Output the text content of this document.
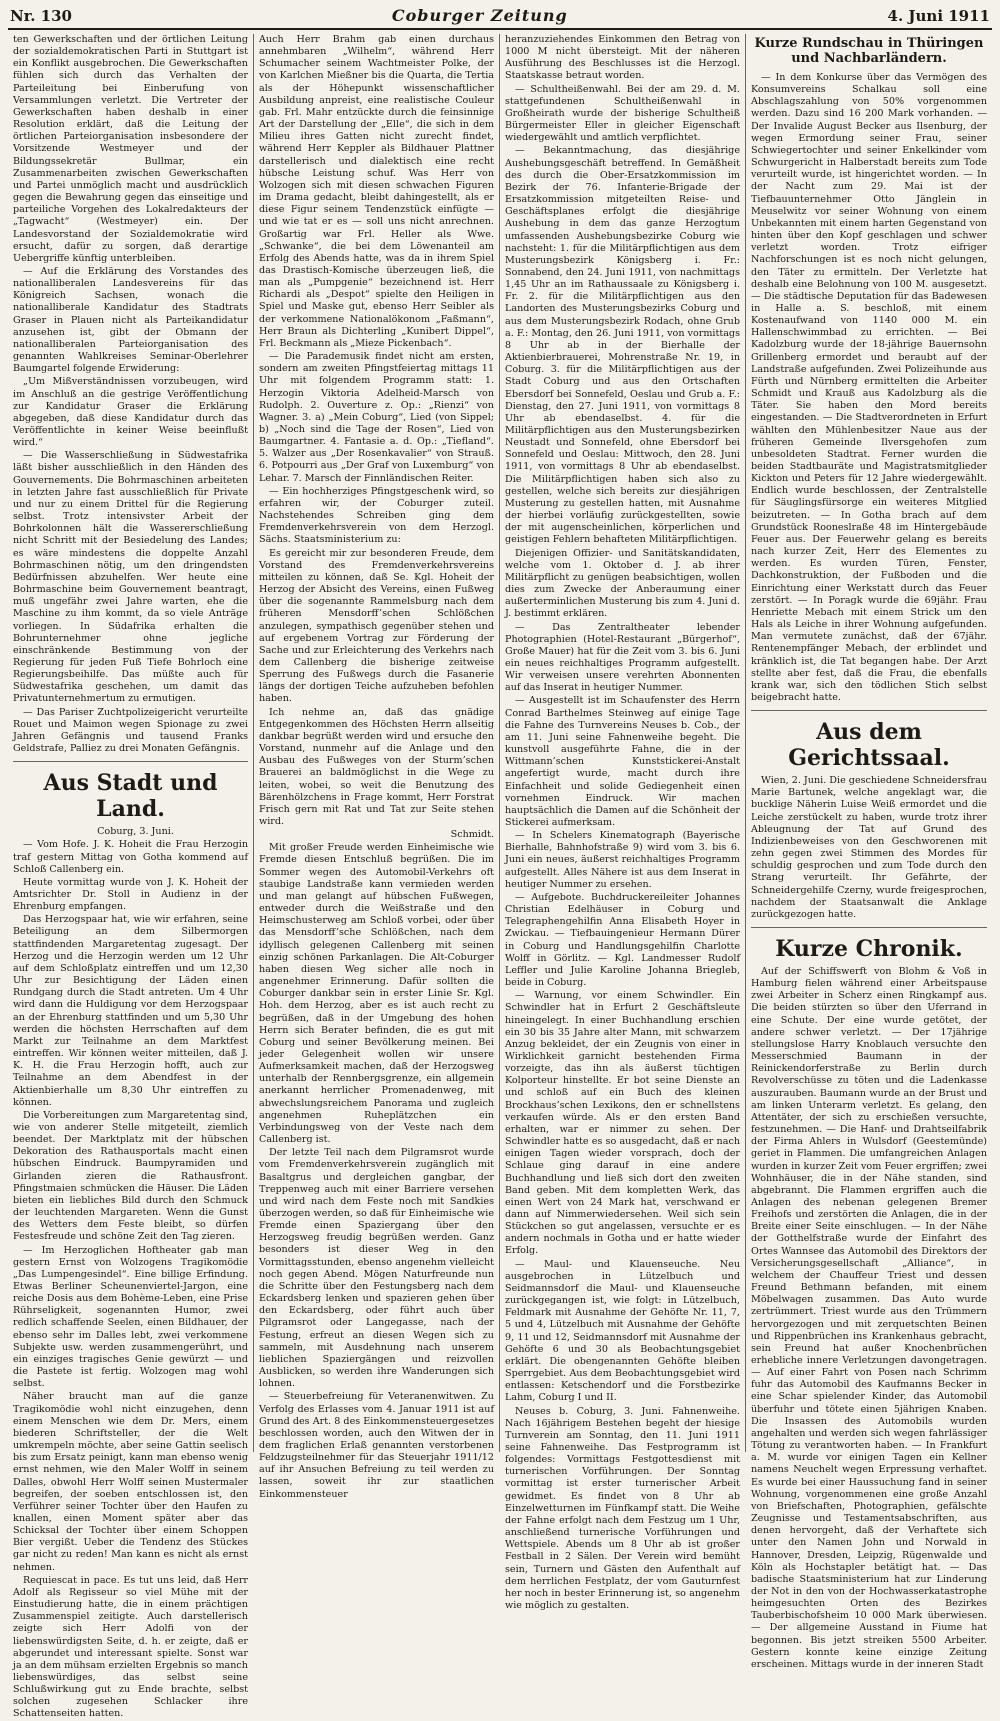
Nr. 130	Coburger Zeitung	4. Juni 1911

ten Gewerkschaften und der örtlichen Leitung der sozialdemokratischen Parti in Stuttgart ist ein Konflikt ausgebrochen. Die Gewerkschaften fühlen sich durch das Verhalten der Parteileitung bei Einberufung von Versammlungen verletzt. Die Vertreter der Gewerkschaften haben deshalb in einer Resolution erklärt, daß die Leitung der örtlichen Parteiorganisation insbesondere der Vorsitzende Westmeyer und der Bildungssekretär Bullmar, ein Zusammenarbeiten zwischen Gewerkschaften und Partei unmöglich macht und ausdrücklich gegen die Bewahrung gegen das einseitige und parteiliche Vorgehen des Lokalredakteurs der „Tagwacht“ (Westmeyer) ein. Der Landesvorstand der Sozialdemokratie wird ersucht, dafür zu sorgen, daß derartige Uebergriffe künftig unterbleiben.

— Auf die Erklärung des Vorstandes des nationalliberalen Landesvereins für das Königreich Sachsen, wonach die nationalliberale Kandidatur des Stadtrats Graser in Plauen nicht als Parteikandidatur anzusehen ist, gibt der Obmann der nationalliberalen Parteiorganisation des genannten Wahlkreises Seminar-Oberlehrer Baumgartel folgende Erwiderung:

„Um Mißverständnissen vorzubeugen, wird im Anschluß an die gestrige Veröffentlichung zur Kandidatur Graser die Erklärung abgegeben, daß diese Kandidatur durch das Veröffentlichte in keiner Weise beeinflußt wird.“

— Die Wasserschließung in Südwestafrika läßt bisher ausschließlich in den Händen des Gouvernements. Die Bohrmaschinen arbeiteten in letzten Jahre fast ausschließlich für Private und nur zu einem Drittel für die Regierung selbst. Trotz intensivster Arbeit der Bohrkolonnen hält die Wassererschließung nicht Schritt mit der Besiedelung des Landes; es wäre mindestens die doppelte Anzahl Bohrmaschinen nötig, um den dringendsten Bedürfnissen abzuhelfen. Wer heute eine Bohrmaschine beim Gouvernement beantragt, muß ungefähr zwei Jahre warten, ehe die Maschine zu ihm kommt, da so viele Anträge vorliegen. In Südafrika erhalten die Bohrunternehmer ohne jegliche einschränkende Bestimmung von der Regierung für jeden Fuß Tiefe Bohrloch eine Regierungsbeihilfe. Das müßte auch für Südwestafrika geschehen, um damit das Privatunternehmertum zu ermutigen.

— Das Pariser Zuchtpolizeigericht verurteilte Rouet und Maimon wegen Spionage zu zwei Jahren Gefängnis und tausend Franks Geldstrafe, Palliez zu drei Monaten Gefängnis.

Aus Stadt und Land.

Coburg, 3. Juni.

— Vom Hofe. J. K. Hoheit die Frau Herzogin traf gestern Mittag von Gotha kommend auf Schloß Callenberg ein.

Heute vormittag wurde von J. K. Hoheit der Amtsrichter Dr. Stoll in Audienz in der Ehrenburg empfangen.

Das Herzogspaar hat, wie wir erfahren, seine Beteiligung an dem Silbermorgen stattfindenden Margaretentag zugesagt. Der Herzog und die Herzogin werden um 12 Uhr auf dem Schloßplatz eintreffen und um 12,30 Uhr zur Besichtigung der Läden einen Rundgang durch die Stadt antreten. Um 4 Uhr wird dann die Huldigung vor dem Herzogspaar an der Ehrenburg stattfinden und um 5,30 Uhr werden die höchsten Herrschaften auf dem Markt zur Teilnahme an dem Marktfest eintreffen. Wir können weiter mitteilen, daß J. K. H. die Frau Herzogin hofft, auch zur Teilnahme an dem Abendfest in der Aktienbierhalle um 8,30 Uhr eintreffen zu können.

Die Vorbereitungen zum Margaretentag sind, wie von anderer Stelle mitgeteilt, ziemlich beendet. Der Marktplatz mit der hübschen Dekoration des Rathausportals macht einen hübschen Eindruck. Baumpyramiden und Girlanden zieren die Rathausfront. Pfingstmaien schmücken die Häuser. Die Läden bieten ein liebliches Bild durch den Schmuck der leuchtenden Margareten. Wenn die Gunst des Wetters dem Feste bleibt, so dürfen Festesfreude und schöne Zeit den Tag zieren.

— Im Herzoglichen Hoftheater gab man gestern Ernst von Wolzogens Tragikomödie „Das Lumpengesindel“. Eine billige Erfindung. Etwas Berliner Scheunenviertel-Jargon, eine reiche Dosis aus dem Bohème-Leben, eine Prise Rührseligkeit, sogenannten Humor, zwei redlich schaffende Seelen, einen Bildhauer, der ebenso sehr im Dalles lebt, zwei verkommene Subjekte usw. werden zusammengerührt, und ein einziges tragisches Genie gewürzt — und die Pastete ist fertig. Wolzogen mag wohl selbst.

Näher braucht man auf die ganze Tragikomödie wohl nicht einzugehen, denn einem Menschen wie dem Dr. Mers, einem biederen Schriftsteller, der die Welt umkrempeln möchte, aber seine Gattin seelisch bis zum Ersatz peinigt, kann man ebenso wenig ernst nehmen, wie den Maler Wolff in seinem Dalles, obwohl Herr Wolff seinen Mustermaler begreifen, der soeben entschlossen ist, den Verführer seiner Tochter über den Haufen zu knallen, einen Moment später aber das Schicksal der Tochter über einem Schoppen Bier vergißt. Ueber die Tendenz des Stückes gar nicht zu reden! Man kann es nicht als ernst nehmen.

Requiescat in pace. Es tut uns leid, daß Herr Adolf als Regisseur so viel Mühe mit der Einstudierung hatte, die in einem prächtigen Zusammenspiel zeitigte. Auch darstellerisch zeigte sich Herr Adolfi von der liebenswürdigsten Seite, d. h. er zeigte, daß er abgerundet und interessant spielte. Sonst war ja an dem mühsam erzielten Ergebnis so manch liebenswürdiges, das selbst seine Schlußwirkung gut zu Ende brachte, selbst solchen zugesehen Schlacker ihre Schattenseiten hatten.

Auch Herr Brahm gab einen durchaus annehmbaren „Wilhelm“, während Herr Schumacher seinem Wachtmeister Polke, der von Karlchen Mießner bis die Quarta, die Tertia als der Höhepunkt wissenschaftlicher Ausbildung anpreist, eine realistische Couleur gab. Frl. Mahr entzückte durch die feinsinnige Art der Darstellung der „Elle“, die sich in dem Milieu ihres Gatten nicht zurecht findet, während Herr Keppler als Bildhauer Plattner darstellerisch und dialektisch eine recht hübsche Leistung schuf. Was Herr von Wolzogen sich mit diesen schwachen Figuren im Drama gedacht, bleibt dahingestellt, als er diese Figur seinem Tendenzstück einfügte — und wie tat er es — soll uns nicht anrechnen. Großartig war Frl. Heller als Wwe. „Schwanke“, die bei dem Löwenanteil am Erfolg des Abends hatte, was da in ihrem Spiel das Drastisch-Komische überzeugen ließ, die man als „Pumpgenie“ bezeichnend ist. Herr Richardi als „Despot“ spielte den Heiligen in Spiel und Maske gut, ebenso Herr Seibler als der verkommene Nationalökonom „Faßmann“, Herr Braun als Dichterling „Kunibert Dippel“, Frl. Beckmann als „Mieze Pickenbach“.

— Die Parademusik findet nicht am ersten, sondern am zweiten Pfingstfeiertag mittags 11 Uhr mit folgendem Programm statt: 1. Herzogin Viktoria Adelheid-Marsch von Rudolph. 2. Ouverture z. Op.: „Rienzi“ von Wagner. 3. a) „Mein Coburg“, Lied (von Sippel; b) „Noch sind die Tage der Rosen“, Lied von Baumgartner. 4. Fantasie a. d. Op.: „Tiefland“. 5. Walzer aus „Der Rosenkavalier“ von Strauß. 6. Potpourri aus „Der Graf von Luxemburg“ von Lehar. 7. Marsch der Finnländischen Reiter.

— Ein hochherziges Pfingstgeschenk wird, so erfahren wir, der Coburger zuteil. Nachstehendes Schreiben ging dem Fremdenverkehrsverein von dem Herzogl. Sächs. Staatsministerium zu:

Es gereicht mir zur besonderen Freude, dem Vorstand des Fremdenverkehrsvereins mitteilen zu können, daß Se. Kgl. Hoheit der Herzog der Absicht des Vereins, einen Fußweg über die sogenannte Rammelsburg nach dem früheren Mensdorff’schen Schlößchen anzulegen, sympathisch gegenüber stehen und auf ergebenem Vortrag zur Förderung der Sache und zur Erleichterung des Verkehrs nach dem Callenberg die bisherige zeitweise Sperrung des Fußwegs durch die Fasanerie längs der dortigen Teiche aufzuheben befohlen haben.

Ich nehme an, daß das gnädige Entgegenkommen des Höchsten Herrn allseitig dankbar begrüßt werden wird und ersuche den Vorstand, nunmehr auf die Anlage und den Ausbau des Fußweges von der Sturm’schen Brauerei an baldmöglichst in die Wege zu leiten, wobei, so weit die Benutzung des Bärenhölzchens in Frage kommt, Herr Forstrat Frisch gern mit Rat und Tat zur Seite stehen wird.

Schmidt.

Mit großer Freude werden Einheimische wie Fremde diesen Entschluß begrüßen. Die im Sommer wegen des Automobil-Verkehrs oft staubige Landstraße kann vermieden werden und man gelangt auf hübschen Fußwegen, entweder durch die Weißstraße und den Heimschusterweg am Schloß vorbei, oder über das Mensdorff’sche Schlößchen, nach dem idyllisch gelegenen Callenberg mit seinen einzig schönen Parkanlagen. Die Alt-Coburger haben diesen Weg sicher alle noch in angenehmer Erinnerung. Dafür sollten die Coburger dankbar sein in erster Linie Sr. Kgl. Hoh. dem Herzog, aber es ist auch recht zu begrüßen, daß in der Umgebung des hohen Herrn sich Berater befinden, die es gut mit Coburg und seiner Bevölkerung meinen. Bei jeder Gelegenheit wollen wir unsere Aufmerksamkeit machen, daß der Herzogsweg unterhalb der Rennbergsgrenze, ein allgemein anerkannt herrlicher Promenadenweg, mit abwechslungsreichem Panorama und zugleich angenehmen Ruheplätzchen ein Verbindungsweg von der Veste nach dem Callenberg ist.

Der letzte Teil nach dem Pilgramsrot wurde vom Fremdenverkehrsverein zugänglich mit Basaltgrus und dergleichen gangbar, der Treppenweg auch mit einer Barriere versehen und wird nach dem Feste noch mit Sandkies überzogen werden, so daß für Einheimische wie Fremde einen Spaziergang über den Herzogsweg freudig begrüßen werden. Ganz besonders ist dieser Weg in den Vormittagsstunden, ebenso angenehm vielleicht noch gegen Abend. Mögen Naturfreunde nun die Schritte über den Festungsberg nach dem Eckardsberg lenken und spazieren gehen über den Eckardsberg, oder führt auch über Pilgramsrot oder Langegasse, nach der Festung, erfreut an diesen Wegen sich zu sammeln, mit Ausdehnung nach unserem lieblichen Spaziergängen und reizvollen Ausblicken, so werden ihre Wanderungen sich lohnen.

— Steuerbefreiung für Veteranenwitwen. Zu Verfolg des Erlasses vom 4. Januar 1911 ist auf Grund des Art. 8 des Einkommensteuergesetzes beschlossen worden, auch den Witwen der in dem fraglichen Erlaß genannten verstorbenen Feldzugsteilnehmer für das Steuerjahr 1911/12 auf ihr Ansuchen Befreiung zu teil werden zu lassen, soweit ihr zur staatlichen Einkommensteuer

heranzuziehendes Einkommen den Betrag von 1000 M nicht übersteigt. Mit der näheren Ausführung des Beschlusses ist die Herzogl. Staatskasse betraut worden.

— Schultheißenwahl. Bei der am 29. d. M. stattgefundenen Schultheißenwahl in Großheirath wurde der bisherige Schultheiß Bürgermeister Eller in gleicher Eigenschaft wiedergewählt und amtlich verpflichtet.

— Bekanntmachung, das diesjährige Aushebungsgeschäft betreffend. In Gemäßheit des durch die Ober-Ersatzkommission im Bezirk der 76. Infanterie-Brigade der Ersatzkommission mitgeteilten Reise- und Geschäftsplanes erfolgt die diesjährige Aushebung in dem das ganze Herzogtum umfassenden Aushebungsbezirke Coburg wie nachsteht: 1. für die Militärpflichtigen aus dem Musterungsbezirk Königsberg i. Fr.: Sonnabend, den 24. Juni 1911, von nachmittags 1,45 Uhr an im Rathaussaale zu Königsberg i. Fr. 2. für die Militärpflichtigen aus den Landorten des Musterungsbezirks Coburg und aus dem Musterungsbezirk Rodach, ohne Grub a. F.: Montag, den 26. Juni 1911, von vormittags 8 Uhr ab in der Bierhalle der Aktienbierbrauerei, Mohrenstraße Nr. 19, in Coburg. 3. für die Militärpflichtigen aus der Stadt Coburg und aus den Ortschaften Ebersdorf bei Sonnefeld, Oeslau und Grub a. F.: Dienstag, den 27. Juni 1911, von vormittags 8 Uhr ab ebendaselbst. 4. für die Militärpflichtigen aus den Musterungsbezirken Neustadt und Sonnefeld, ohne Ebersdorf bei Sonnefeld und Oeslau: Mittwoch, den 28. Juni 1911, von vormittags 8 Uhr ab ebendaselbst. Die Militärpflichtigen haben sich also zu gestellen, welche sich bereits zur diesjährigen Musterung zu gestellen hatten, mit Ausnahme der hierbei vorläufig zurückgestellten, sowie der mit augenscheinlichen, körperlichen und geistigen Fehlern behafteten Militärpflichtigen.

Diejenigen Offizier- und Sanitätskandidaten, welche vom 1. Oktober d. J. ab ihrer Militärpflicht zu genügen beabsichtigen, wollen dies zum Zwecke der Anberaumung einer außerterminlichen Musterung bis zum 4. Juni d. J. bestimmt erklären.

— Das Zentraltheater lebender Photographien (Hotel-Restaurant „Bürgerhof“, Große Mauer) hat für die Zeit vom 3. bis 6. Juni ein neues reichhaltiges Programm aufgestellt. Wir verweisen unsere verehrten Abonnenten auf das Inserat in heutiger Nummer.

— Ausgestellt ist im Schaufenster des Herrn Conrad Barthelmes Steinweg auf einige Tage die Fahne des Turnvereins Neuses b. Cob., der am 11. Juni seine Fahnenweihe begeht. Die kunstvoll ausgeführte Fahne, die in der Wittmann’schen Kunststickerei-Anstalt angefertigt wurde, macht durch ihre Einfachheit und solide Gediegenheit einen vornehmen Eindruck. Wir machen hauptsächlich die Damen auf die Schönheit der Stickerei aufmerksam.

— In Schelers Kinematograph (Bayerische Bierhalle, Bahnhofstraße 9) wird vom 3. bis 6. Juni ein neues, äußerst reichhaltiges Programm aufgestellt. Alles Nähere ist aus dem Inserat in heutiger Nummer zu ersehen.

— Aufgebote. Buchdruckereileiter Johannes Christian Edelhäuser in Coburg und Telegraphengehilfin Anna Elisabeth Hoyer in Zwickau. — Tiefbauingenieur Hermann Dürer in Coburg und Handlungsgehilfin Charlotte Wolff in Görlitz. — Kgl. Landmesser Rudolf Leffler und Julie Karoline Johanna Briegleb, beide in Coburg.

— Warnung, vor einem Schwindler. Ein Schwindler hat in Erfurt 2 Geschäftsleute hineingelegt. In einer Buchhandlung erschien ein 30 bis 35 Jahre alter Mann, mit schwarzem Anzug bekleidet, der ein Zeugnis von einer in Wirklichkeit garnicht bestehenden Firma vorzeigte, das ihn als äußerst tüchtigen Kolporteur hinstellte. Er bot seine Dienste an und schloß auf ein Buch des kleinen Brockhaus’schen Lexikons, den er schnellstens verkaufen würde. Als er den ersten Band erhalten, war er nimmer zu sehen. Der Schwindler hatte es so ausgedacht, daß er nach einigen Tagen wieder vorsprach, doch der Schlaue ging darauf in eine andere Buchhandlung und ließ sich dort den zweiten Band geben. Mit dem kompletten Werk, das einen Wert von 24 Mark hat, verschwand er dann auf Nimmerwiedersehen. Weil sich sein Stückchen so gut angelassen, versuchte er es andern nochmals in Gotha und er hatte wieder Erfolg.

— Maul- und Klauenseuche. Neu ausgebrochen in Lützelbuch und Seidmannsdorf die Maul- und Klauenseuche zurückgegangen ist, wie folgt: in Lützelbuch, Feldmark mit Ausnahme der Gehöfte Nr. 11, 7, 5 und 4, Lützelbuch mit Ausnahme der Gehöfte 9, 11 und 12, Seidmannsdorf mit Ausnahme der Gehöfte 6 und 30 als Beobachtungsgebiet erklärt. Die obengenannten Gehöfte bleiben Sperrgebiet. Aus dem Beobachtungsgebiet wird entlassen: Ketschendorf und die Forstbezirke Lahm, Coburg I und II.

Neuses b. Coburg, 3. Juni. Fahnenweihe. Nach 16jährigem Bestehen begeht der hiesige Turnverein am Sonntag, den 11. Juni 1911 seine Fahnenweihe. Das Festprogramm ist folgendes: Vormittags Festgottesdienst mit turnerischen Vorführungen. Der Sonntag vormittag ist erster turnerischer Arbeit gewidmet. Es findet von 8 Uhr ab Einzelwetturnen im Fünfkampf statt. Die Weihe der Fahne erfolgt nach dem Festzug um 1 Uhr, anschließend turnerische Vorführungen und Wettspiele. Abends um 8 Uhr ab ist großer Festball in 2 Sälen. Der Verein wird bemüht sein, Turnern und Gästen den Aufenthalt auf dem herrlichen Festplatz, der vom Gauturnfest her noch in bester Erinnerung ist, so angenehm wie möglich zu gestalten.

Kurze Rundschau in Thüringen und Nachbarländern.

— In dem Konkurse über das Vermögen des Konsumvereins Schalkau soll eine Abschlagszahlung von 50% vorgenommen werden. Dazu sind 16 200 Mark vorhanden. — Der Invalide August Becker aus Ilsenburg, der wegen Ermordung seiner Frau, seiner Schwiegertochter und seiner Enkelkinder vom Schwurgericht in Halberstadt bereits zum Tode verurteilt wurde, ist hingerichtet worden. — In der Nacht zum 29. Mai ist der Tiefbauunternehmer Otto Jänglein in Meuselwitz vor seiner Wohnung von einem Unbekannten mit einem harten Gegenstand von hinten über den Kopf geschlagen und schwer verletzt worden. Trotz eifriger Nachforschungen ist es noch nicht gelungen, den Täter zu ermitteln. Der Verletzte hat deshalb eine Belohnung von 100 M. ausgesetzt. — Die städtische Deputation für das Badewesen in Halle a. S. beschloß, mit einem Kostenaufwand von 1140 000 M. ein Hallenschwimmbad zu errichten. — Bei Kadolzburg wurde der 18-jährige Bauernsohn Grillenberg ermordet und beraubt auf der Landstraße aufgefunden. Zwei Polizeihunde aus Fürth und Nürnberg ermittelten die Arbeiter Schmidt und Krauß aus Kadolzburg als die Täter. Sie haben den Mord bereits eingestanden. — Die Stadtverordneten in Erfurt wählten den Mühlenbesitzer Naue aus der früheren Gemeinde Ilversgehofen zum unbesoldeten Stadtrat. Ferner wurden die beiden Stadtbauräte und Magistratsmitglieder Kickton und Peters für 12 Jahre wiedergewählt. Endlich wurde beschlossen, der Zentralstelle für Säuglingsfürsorge ein weiteres Mitglied beizutreten. — In Gotha brach auf dem Grundstück Rooneslraße 48 im Hintergebäude Feuer aus. Der Feuerwehr gelang es bereits nach kurzer Zeit, Herr des Elementes zu werden. Es wurden Türen, Fenster, Dachkonstruktion, der Fußboden und die Einrichtung einer Werkstatt durch das Feuer zerstört. — In Poragk wurde die 69jähr. Frau Henriette Mebach mit einem Strick um den Hals als Leiche in ihrer Wohnung aufgefunden. Man vermutete zunächst, daß der 67jähr. Rentenempfänger Mebach, der erblindet und kränklich ist, die Tat begangen habe. Der Arzt stellte aber fest, daß die Frau, die ebenfalls krank war, sich den tödlichen Stich selbst beigebracht hatte.

Aus dem Gerichtssaal.

Wien, 2. Juni. Die geschiedene Schneidersfrau Marie Bartunek, welche angeklagt war, die bucklige Näherin Luise Weiß ermordet und die Leiche zerstückelt zu haben, wurde trotz ihrer Ableugnung der Tat auf Grund des Indizienbeweises von den Geschworenen mit zehn gegen zwei Stimmen des Mordes für schuldig gesprochen und zum Tode durch den Strang verurteilt. Ihr Gefährte, der Schneidergehilfe Czerny, wurde freigesprochen, nachdem der Staatsanwalt die Anklage zurückgezogen hatte.

Kurze Chronik.

Auf der Schiffswerft von Blohm & Voß in Hamburg fielen während einer Arbeitspause zwei Arbeiter in Scherz einen Ringkampf aus. Die beiden stürzten so über den Uferrand in eine Schute. Der eine wurde getötet, der andere schwer verletzt. — Der 17jährige stellungslose Harry Knoblauch versuchte den Messerschmied Baumann in der Reinickendorferstraße zu Berlin durch Revolverschüsse zu töten und die Ladenkasse auszurauben. Baumann wurde an der Brust und am linken Unterarm verletzt. Es gelang, den Attentäter, der sich zu erschießen versuchte, festzunehmen. — Die Hanf- und Drahtseilfabrik der Firma Ahlers in Wulsdorf (Geestemünde) geriet in Flammen. Die umfangreichen Anlagen wurden in kurzer Zeit vom Feuer ergriffen; zwei Wohnhäuser, die in der Nähe standen, sind abgebrannt. Die Flammen ergriffen auch die Anlagen des nebenan gelegenen Bremer Freihofs und zerstörten die Anlagen, die in der Breite einer Seite einschlugen. — In der Nähe der Gotthelfstraße wurde der Einfahrt des Ortes Wannsee das Automobil des Direktors der Versicherungsgesellschaft „Alliance“, in welchem der Chauffeur Triest und dessen Freund Bethmann befanden, mit einem Möbelwagen zusammen. Das Auto wurde zertrümmert. Triest wurde aus den Trümmern hervorgezogen und mit zerquetschten Beinen und Rippenbrüchen ins Krankenhaus gebracht, sein Freund hat außer Knochenbrüchen erhebliche innere Verletzungen davongetragen. — Auf einer Fahrt von Posen nach Schrimm fuhr das Automobil des Kaufmanns Becker in eine Schar spielender Kinder, das Automobil überfuhr und tötete einen 5jährigen Knaben. Die Insassen des Automobils wurden angehalten und werden sich wegen fahrlässiger Tötung zu verantworten haben. — In Frankfurt a. M. wurde vor einigen Tagen ein Kellner namens Neuchelt wegen Erpressung verhaftet. Es wurde bei einer Haussuchung fand in seiner Wohnung, vorgenommenen eine große Anzahl von Briefschaften, Photographien, gefälschte Zeugnisse und Testamentsabschriften, aus denen hervorgeht, daß der Verhaftete sich unter den Namen John und Norwald in Hannover, Dresden, Leipzig, Rügenwalde und Köln als Hochstapler betätigt hat. — Das badische Staatsministerium hat zur Linderung der Not in den von der Hochwasserkatastrophe heimgesuchten Orten des Bezirkes Tauberbischofsheim 10 000 Mark überwiesen. — Der allgemeine Ausstand in Fiume hat begonnen. Bis jetzt streiken 5500 Arbeiter. Gestern konnte keine einzige Zeitung erscheinen. Mittags wurde in der inneren Stadt
